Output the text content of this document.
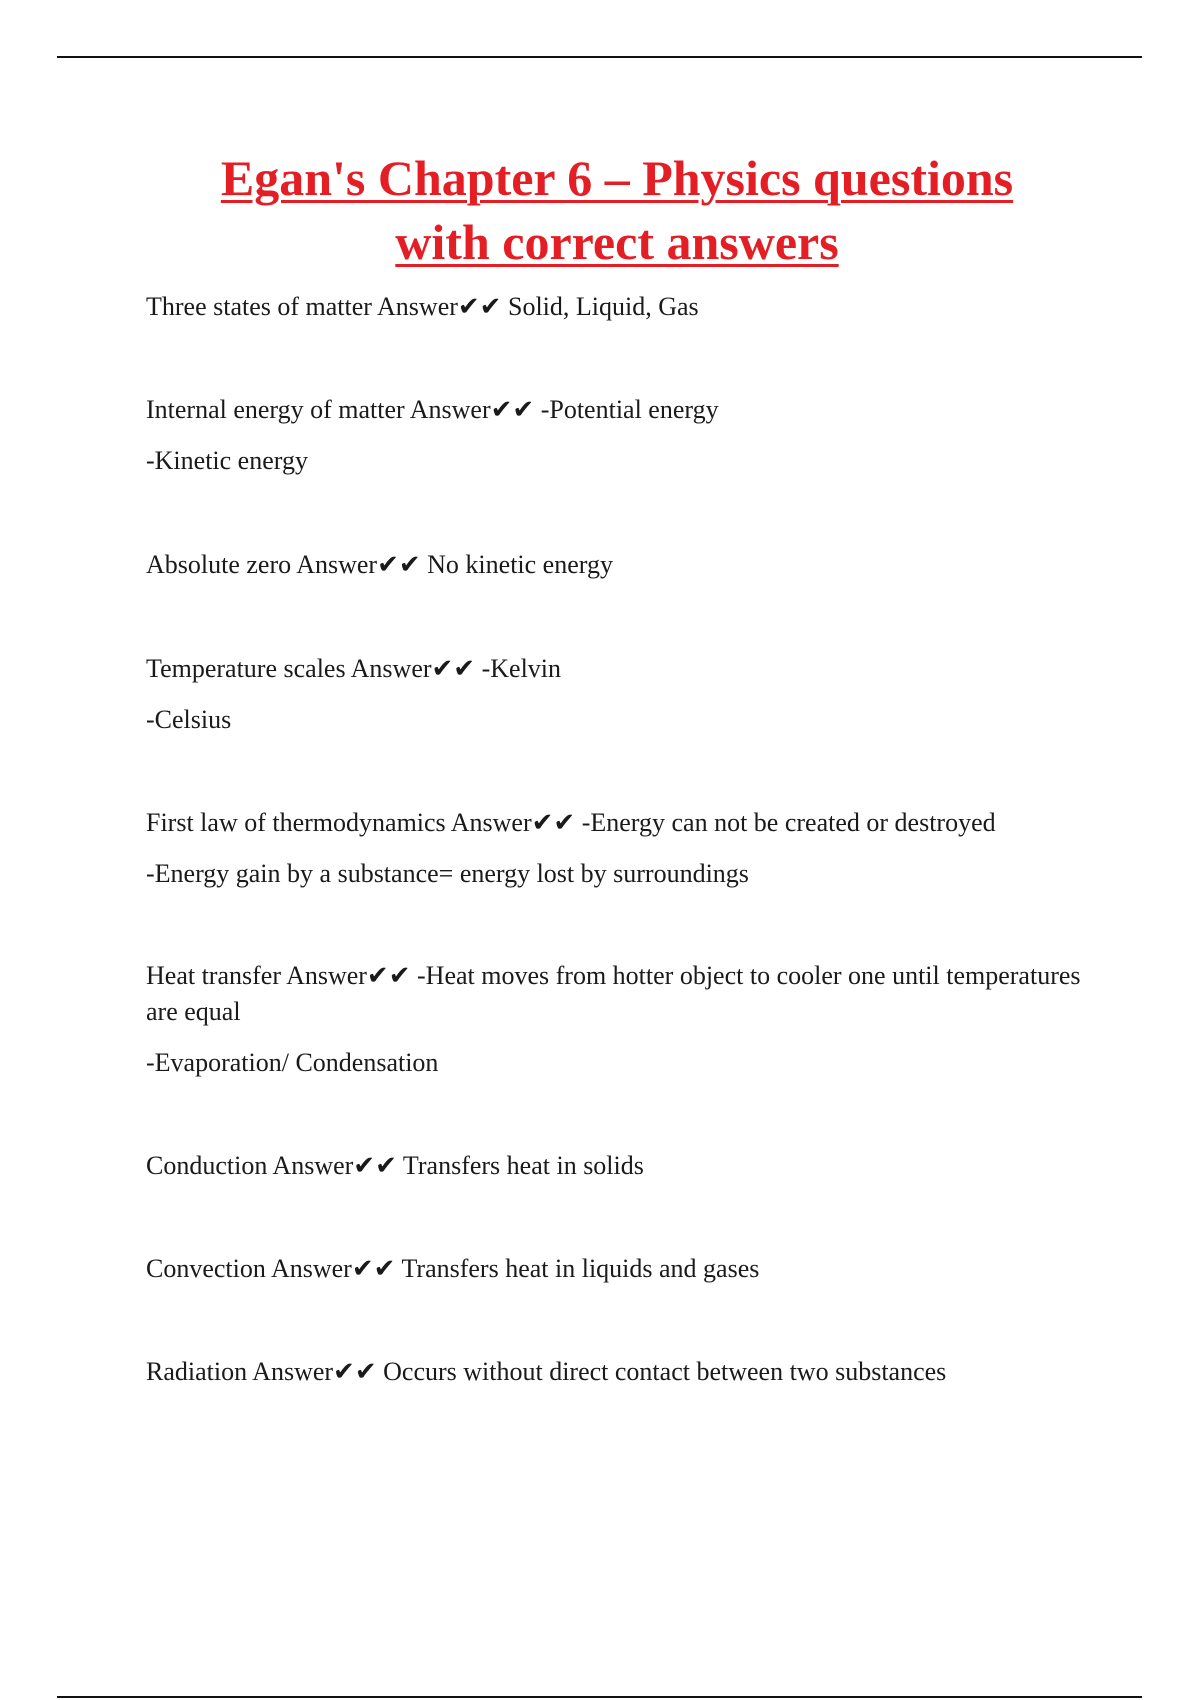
Egan's Chapter 6 – Physics questions
with correct answers

Three states of matter Answer✔✔ Solid, Liquid, Gas

Internal energy of matter Answer✔✔ -Potential energy

-Kinetic energy

Absolute zero Answer✔✔ No kinetic energy

Temperature scales Answer✔✔ -Kelvin

-Celsius

First law of thermodynamics Answer✔✔ -Energy can not be created or destroyed

-Energy gain by a substance= energy lost by surroundings

Heat transfer Answer✔✔ -Heat moves from hotter object to cooler one until temperatures are equal

-Evaporation/ Condensation

Conduction Answer✔✔ Transfers heat in solids

Convection Answer✔✔ Transfers heat in liquids and gases

Radiation Answer✔✔ Occurs without direct contact between two substances
